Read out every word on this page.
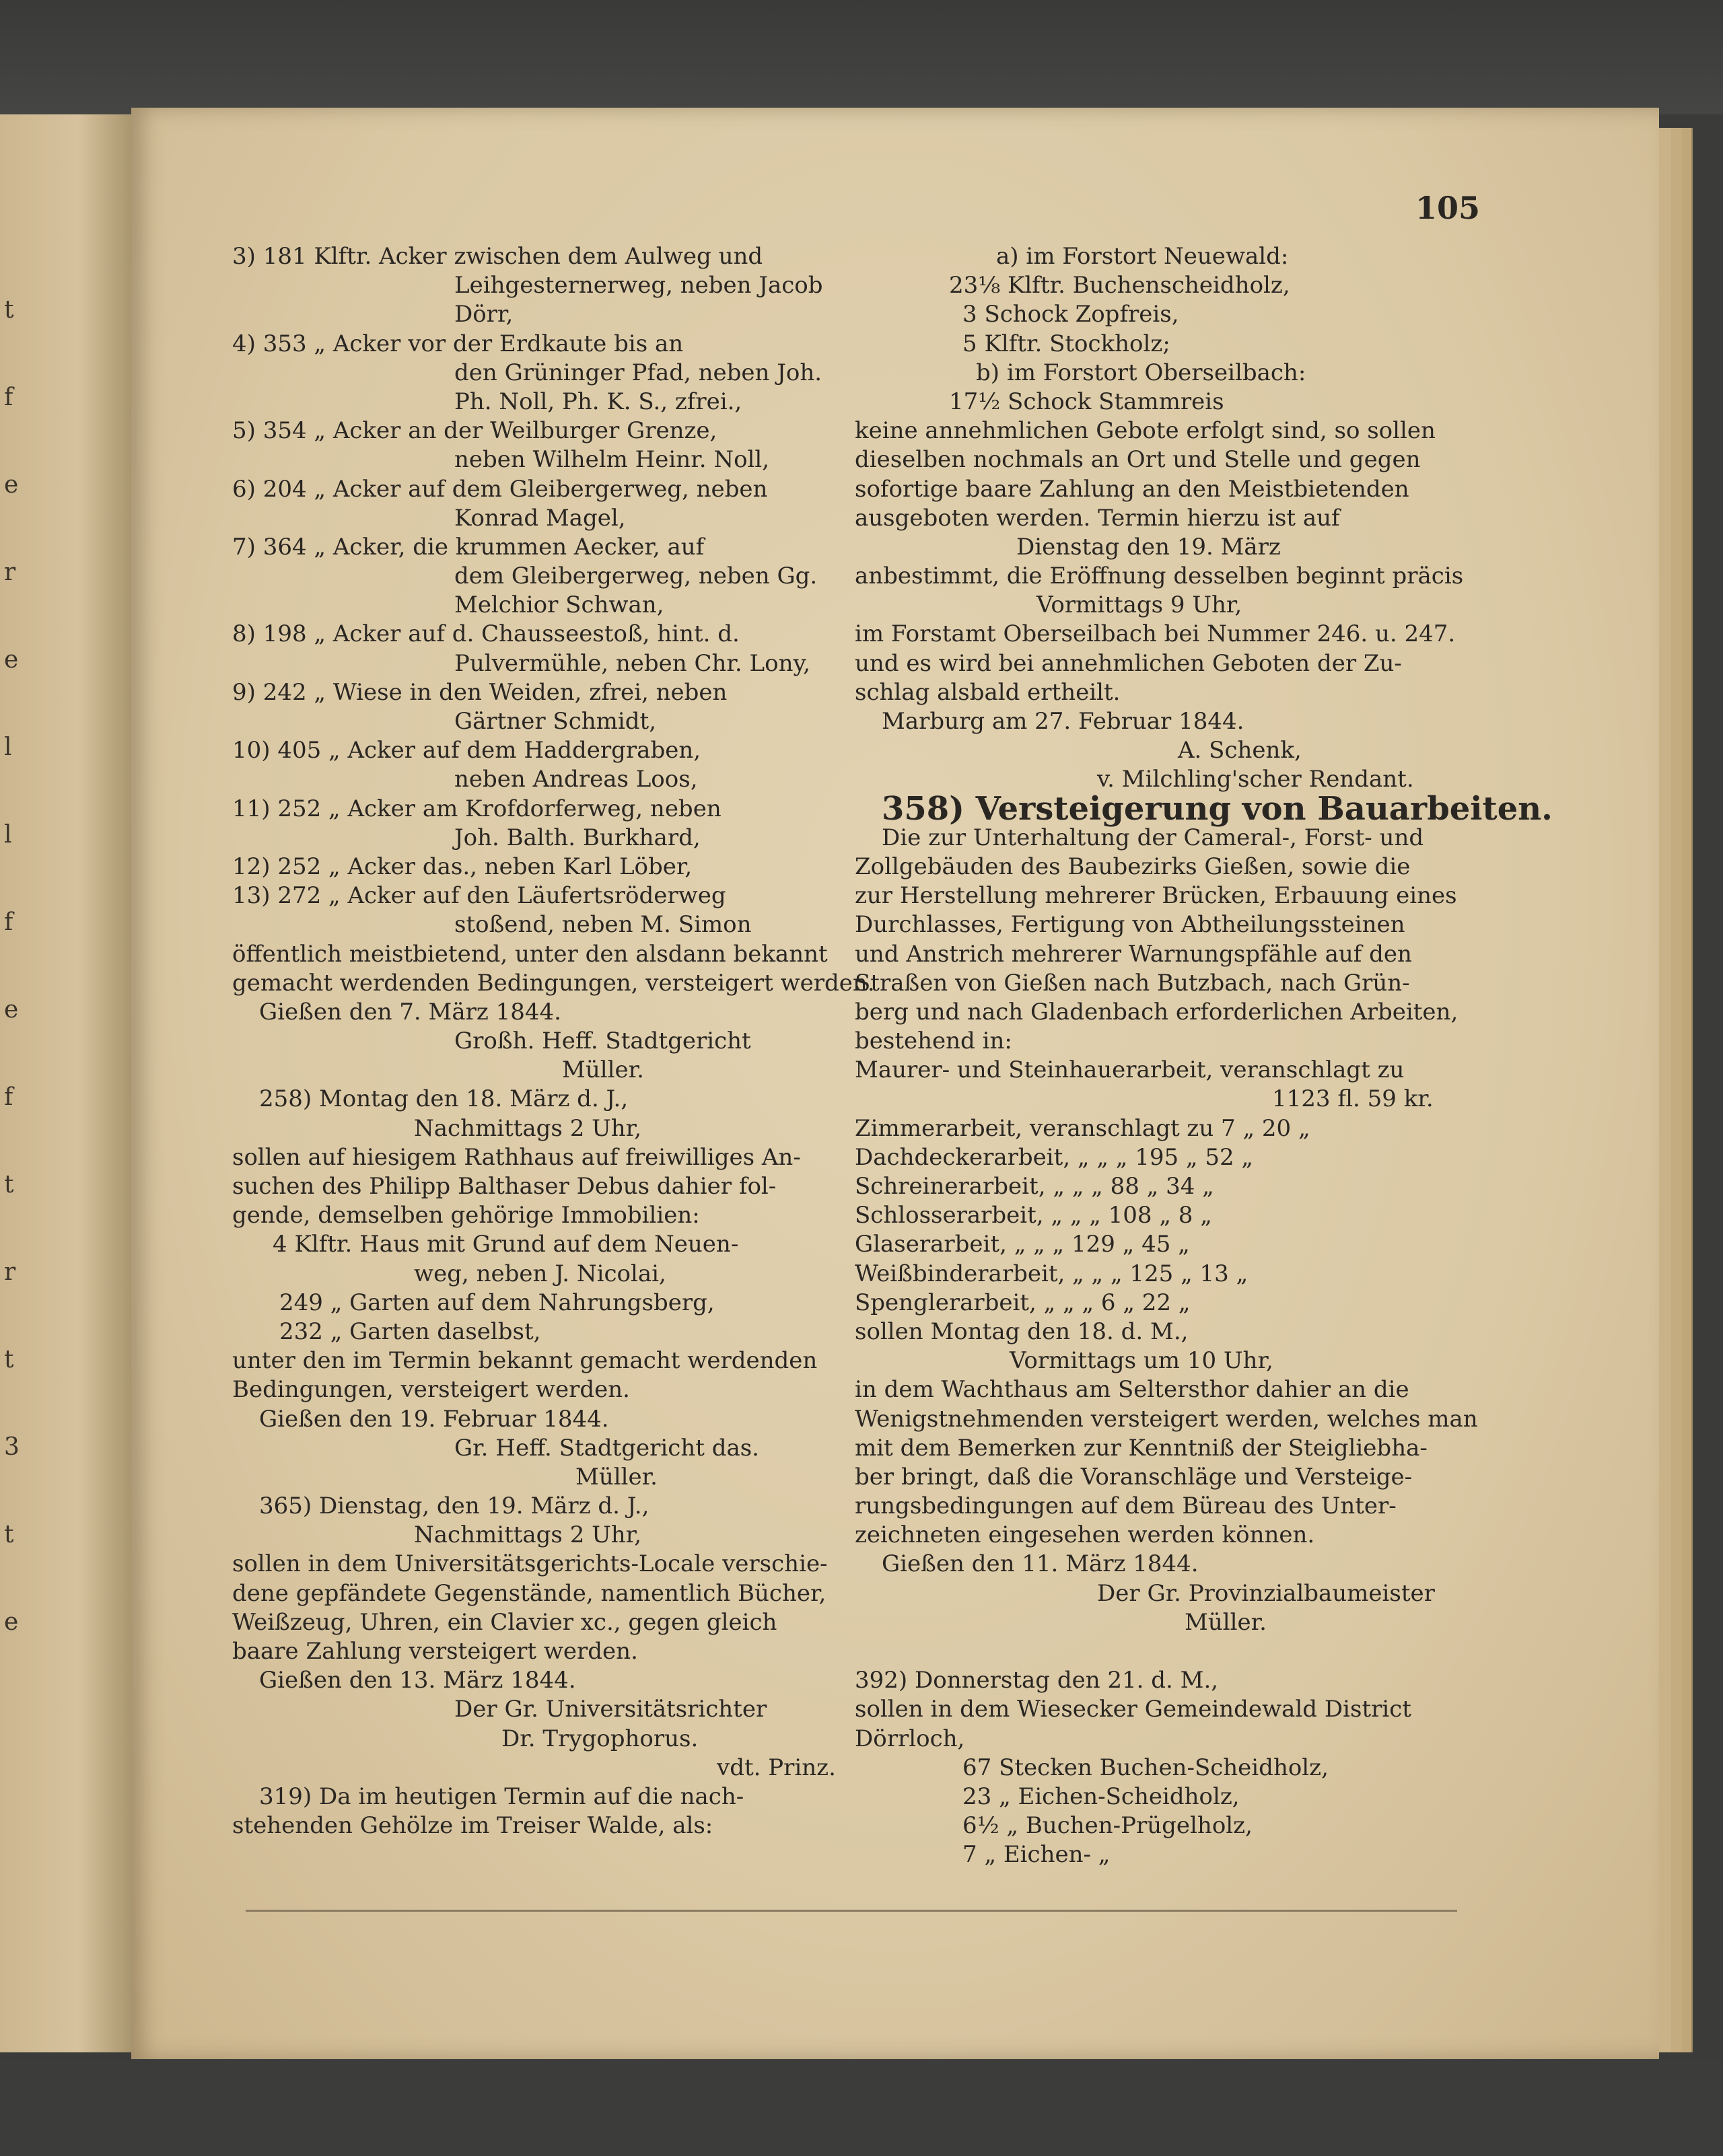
t
f
e
r
e
l
l
f
e
f
t
r
t
3
t
e
105
3) 181 Klftr. Acker zwischen dem Aulweg und
Leihgesternerweg, neben Jacob
Dörr,
4) 353 „ Acker vor der Erdkaute bis an
den Grüninger Pfad, neben Joh.
Ph. Noll, Ph. K. S., zfrei.,
5) 354 „ Acker an der Weilburger Grenze,
neben Wilhelm Heinr. Noll,
6) 204 „ Acker auf dem Gleibergerweg, neben
Konrad Magel,
7) 364 „ Acker, die krummen Aecker, auf
dem Gleibergerweg, neben Gg.
Melchior Schwan,
8) 198 „ Acker auf d. Chausseestoß, hint. d.
Pulvermühle, neben Chr. Lony,
9) 242 „ Wiese in den Weiden, zfrei, neben
Gärtner Schmidt,
10) 405 „ Acker auf dem Haddergraben,
neben Andreas Loos,
11) 252 „ Acker am Krofdorferweg, neben
Joh. Balth. Burkhard,
12) 252 „ Acker das., neben Karl Löber,
13) 272 „ Acker auf den Läufertsröderweg
stoßend, neben M. Simon
öffentlich meistbietend, unter den alsdann bekannt
gemacht werdenden Bedingungen, versteigert werden.
Gießen den 7. März 1844.
Großh. Heff. Stadtgericht
Müller.
258) Montag den 18. März d. J.,
Nachmittags 2 Uhr,
sollen auf hiesigem Rathhaus auf freiwilliges An-
suchen des Philipp Balthaser Debus dahier fol-
gende, demselben gehörige Immobilien:
4 Klftr. Haus mit Grund auf dem Neuen-
weg, neben J. Nicolai,
249 „ Garten auf dem Nahrungsberg,
232 „ Garten daselbst,
unter den im Termin bekannt gemacht werdenden
Bedingungen, versteigert werden.
Gießen den 19. Februar 1844.
Gr. Heff. Stadtgericht das.
Müller.
365) Dienstag, den 19. März d. J.,
Nachmittags 2 Uhr,
sollen in dem Universitätsgerichts-Locale verschie-
dene gepfändete Gegenstände, namentlich Bücher,
Weißzeug, Uhren, ein Clavier xc., gegen gleich
baare Zahlung versteigert werden.
Gießen den 13. März 1844.
Der Gr. Universitätsrichter
Dr. Trygophorus.
vdt. Prinz.
319) Da im heutigen Termin auf die nach-
stehenden Gehölze im Treiser Walde, als:
a) im Forstort Neuewald:
23⅛ Klftr. Buchenscheidholz,
3 Schock Zopfreis,
5 Klftr. Stockholz;
b) im Forstort Oberseilbach:
17½ Schock Stammreis
keine annehmlichen Gebote erfolgt sind, so sollen
dieselben nochmals an Ort und Stelle und gegen
sofortige baare Zahlung an den Meistbietenden
ausgeboten werden. Termin hierzu ist auf
Dienstag den 19. März
anbestimmt, die Eröffnung desselben beginnt präcis
Vormittags 9 Uhr,
im Forstamt Oberseilbach bei Nummer 246. u. 247.
und es wird bei annehmlichen Geboten der Zu-
schlag alsbald ertheilt.
Marburg am 27. Februar 1844.
A. Schenk,
v. Milchling'scher Rendant.
358) Versteigerung von Bauarbeiten.
Die zur Unterhaltung der Cameral-, Forst- und
Zollgebäuden des Baubezirks Gießen, sowie die
zur Herstellung mehrerer Brücken, Erbauung eines
Durchlasses, Fertigung von Abtheilungssteinen
und Anstrich mehrerer Warnungspfähle auf den
Straßen von Gießen nach Butzbach, nach Grün-
berg und nach Gladenbach erforderlichen Arbeiten,
bestehend in:
Maurer- und Steinhauerarbeit, veranschlagt zu
1123 fl. 59 kr.
Zimmerarbeit, veranschlagt zu 7 „ 20 „
Dachdeckerarbeit, „ „ „ 195 „ 52 „
Schreinerarbeit, „ „ „ 88 „ 34 „
Schlosserarbeit, „ „ „ 108 „ 8 „
Glaserarbeit, „ „ „ 129 „ 45 „
Weißbinderarbeit, „ „ „ 125 „ 13 „
Spenglerarbeit, „ „ „ 6 „ 22 „
sollen Montag den 18. d. M.,
Vormittags um 10 Uhr,
in dem Wachthaus am Seltersthor dahier an die
Wenigstnehmenden versteigert werden, welches man
mit dem Bemerken zur Kenntniß der Steigliebha-
ber bringt, daß die Voranschläge und Versteige-
rungsbedingungen auf dem Büreau des Unter-
zeichneten eingesehen werden können.
Gießen den 11. März 1844.
Der Gr. Provinzialbaumeister
Müller.
392) Donnerstag den 21. d. M.,
sollen in dem Wiesecker Gemeindewald District
Dörrloch,
67 Stecken Buchen-Scheidholz,
23 „ Eichen-Scheidholz,
6½ „ Buchen-Prügelholz,
7 „ Eichen- „
